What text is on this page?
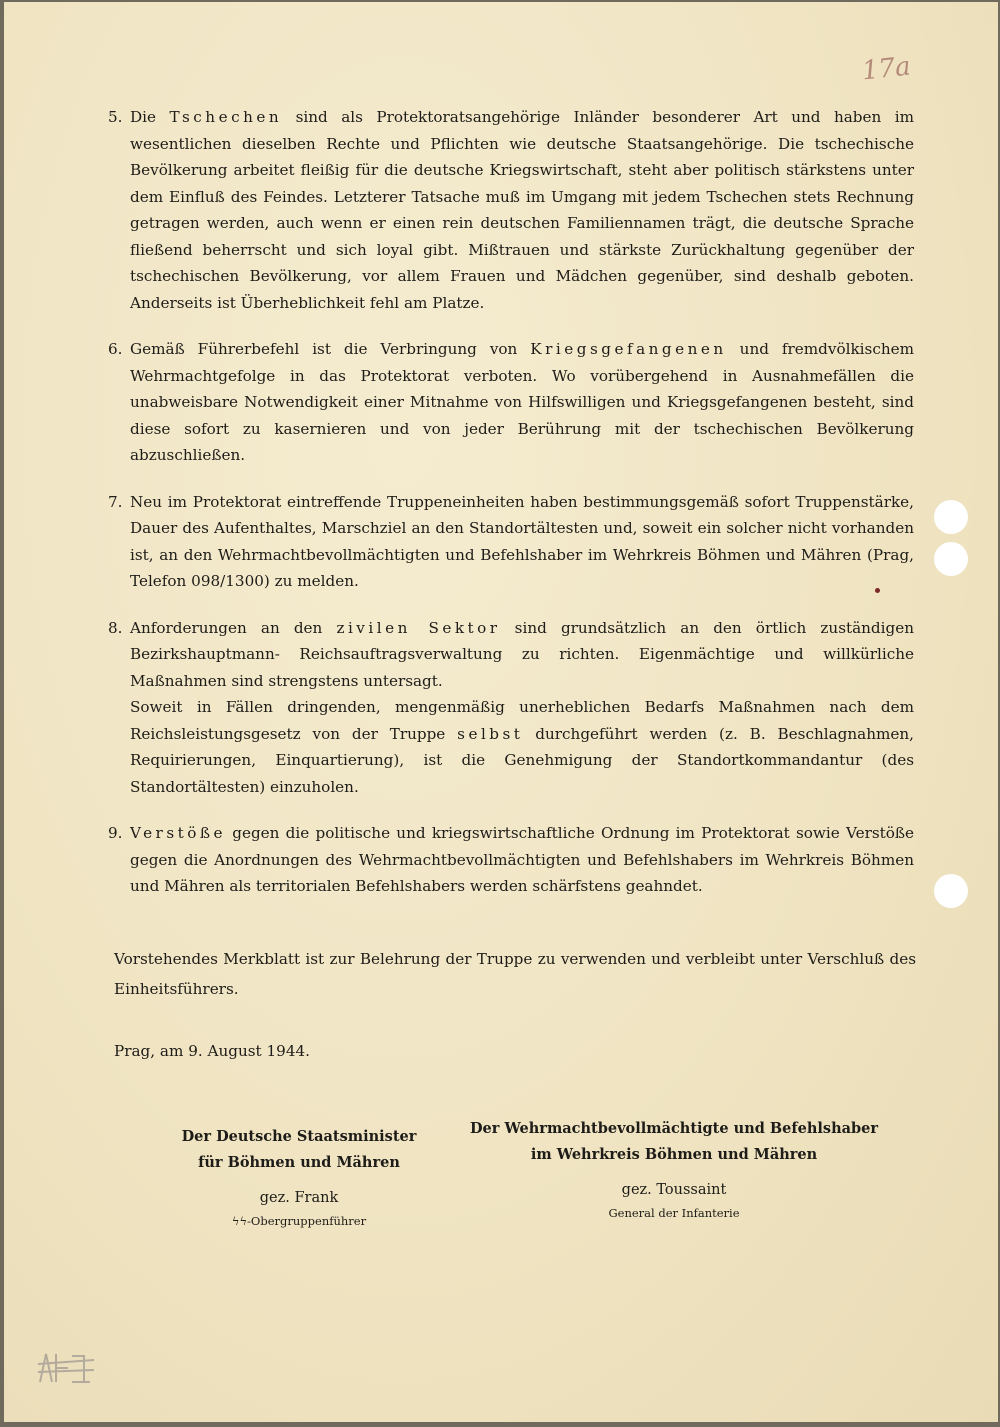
17a
5. Die Tschechen sind als Protektoratsangehörige Inländer besonderer Art und haben im wesentlichen dieselben Rechte und Pflichten wie deutsche Staatsangehörige. Die tschechische Bevölkerung arbeitet fleißig für die deutsche Kriegswirtschaft, steht aber politisch stärkstens unter dem Einfluß des Feindes. Letzterer Tatsache muß im Umgang mit jedem Tschechen stets Rechnung getragen werden, auch wenn er einen rein deutschen Familiennamen trägt, die deutsche Sprache fließend beherrscht und sich loyal gibt. Mißtrauen und stärkste Zurückhaltung gegenüber der tschechischen Bevölkerung, vor allem Frauen und Mädchen gegenüber, sind deshalb geboten. Anderseits ist Überheblichkeit fehl am Platze.

6. Gemäß Führerbefehl ist die Verbringung von Kriegsgefangenen und fremdvölkischem Wehrmachtgefolge in das Protektorat verboten. Wo vorübergehend in Ausnahmefällen die unabweisbare Notwendigkeit einer Mitnahme von Hilfswilligen und Kriegsgefangenen besteht, sind diese sofort zu kasernieren und von jeder Berührung mit der tschechischen Bevölkerung abzuschließen.

7. Neu im Protektorat eintreffende Truppeneinheiten haben bestimmungsgemäß sofort Truppenstärke, Dauer des Aufenthaltes, Marschziel an den Standortältesten und, soweit ein solcher nicht vorhanden ist, an den Wehrmachtbevollmächtigten und Befehlshaber im Wehrkreis Böhmen und Mähren (Prag, Telefon 098/1300) zu melden.

8. Anforderungen an den zivilen Sektor sind grundsätzlich an den örtlich zuständigen Bezirkshauptmann- Reichsauftragsverwaltung zu richten. Eigenmächtige und willkürliche Maßnahmen sind strengstens untersagt.

Soweit in Fällen dringenden, mengenmäßig unerheblichen Bedarfs Maßnahmen nach dem Reichsleistungsgesetz von der Truppe selbst durchgeführt werden (z. B. Beschlagnahmen, Requirierungen, Einquartierung), ist die Genehmigung der Standortkommandantur (des Standortältesten) einzuholen.

9. Verstöße gegen die politische und kriegswirtschaftliche Ordnung im Protektorat sowie Verstöße gegen die Anordnungen des Wehrmachtbevollmächtigten und Befehlshabers im Wehrkreis Böhmen und Mähren als territorialen Befehlshabers werden schärfstens geahndet.

Vorstehendes Merkblatt ist zur Belehrung der Truppe zu verwenden und verbleibt unter Verschluß des Einheitsführers.
Prag, am 9. August 1944.
Der Deutsche Staatsminister
für Böhmen und Mähren
gez. Frank
ϟϟ-Obergruppenführer
Der Wehrmachtbevollmächtigte und Befehlshaber
im Wehrkreis Böhmen und Mähren
gez. Toussaint
General der Infanterie
